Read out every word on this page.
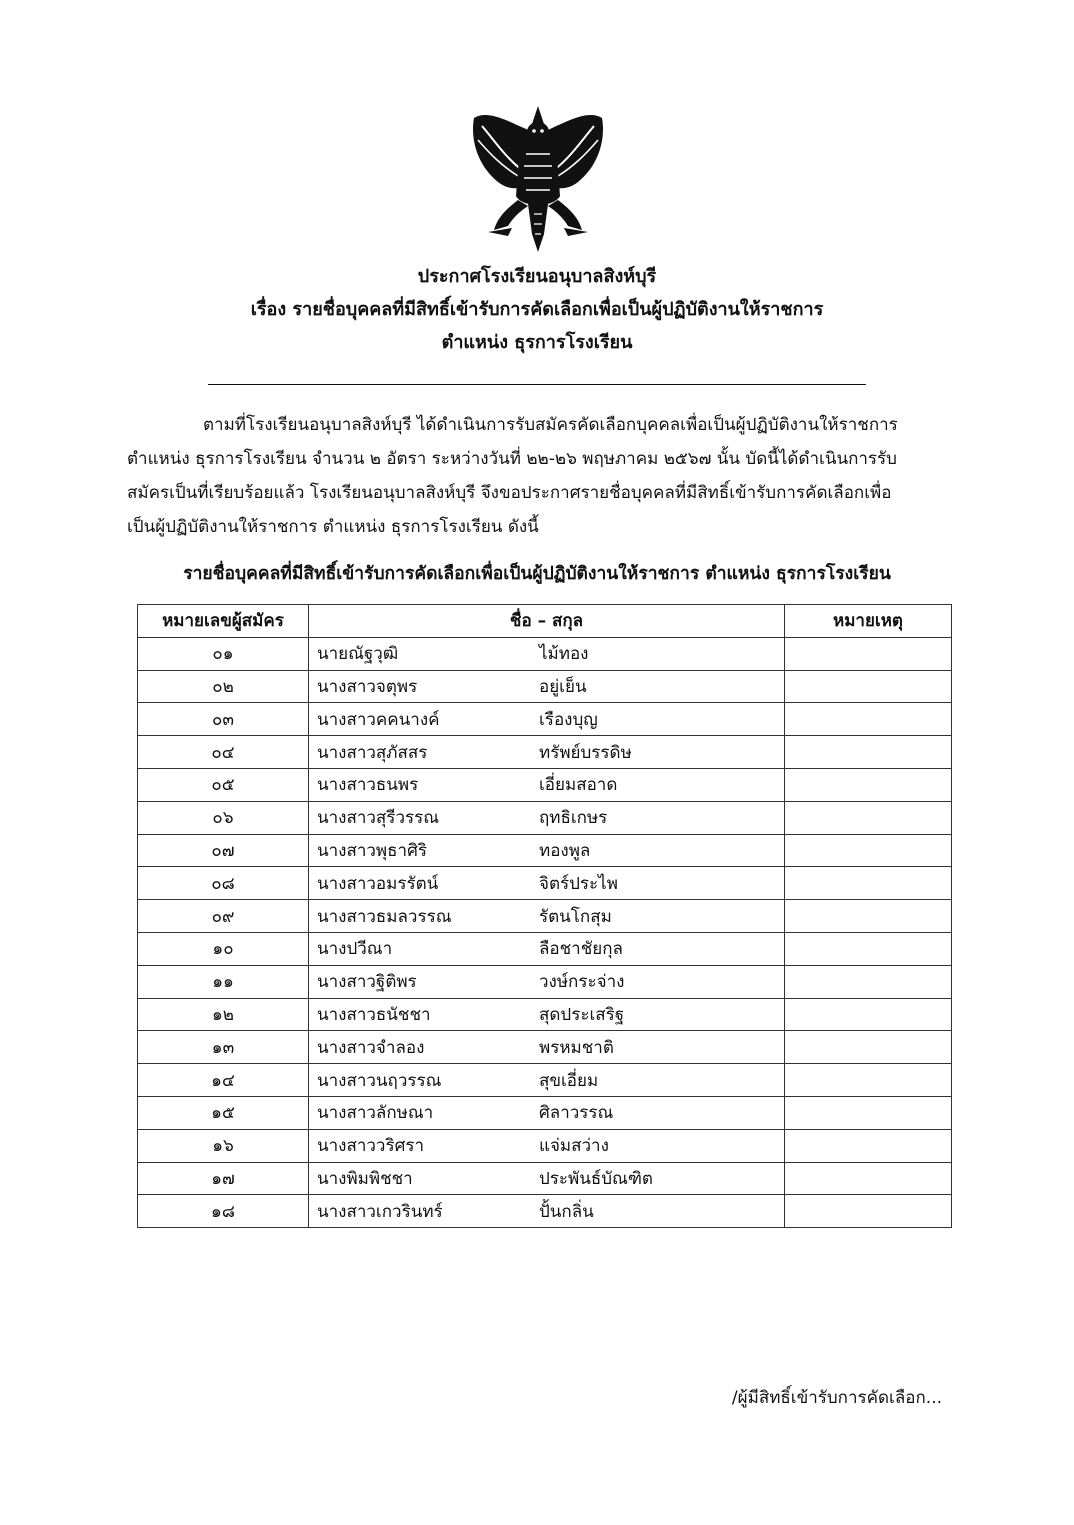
ประกาศโรงเรียนอนุบาลสิงห์บุรี
เรื่อง รายชื่อบุคคลที่มีสิทธิ์เข้ารับการคัดเลือกเพื่อเป็นผู้ปฏิบัติงานให้ราชการ
ตำแหน่ง ธุรการโรงเรียน
ตามที่โรงเรียนอนุบาลสิงห์บุรี ได้ดำเนินการรับสมัครคัดเลือกบุคคลเพื่อเป็นผู้ปฏิบัติงานให้ราชการ
ตำแหน่ง ธุรการโรงเรียน จำนวน ๒ อัตรา ระหว่างวันที่ ๒๒-๒๖ พฤษภาคม ๒๕๖๗ นั้น บัดนี้ได้ดำเนินการรับ
สมัครเป็นที่เรียบร้อยแล้ว โรงเรียนอนุบาลสิงห์บุรี จึงขอประกาศรายชื่อบุคคลที่มีสิทธิ์เข้ารับการคัดเลือกเพื่อ
เป็นผู้ปฏิบัติงานให้ราชการ ตำแหน่ง ธุรการโรงเรียน ดังนี้
รายชื่อบุคคลที่มีสิทธิ์เข้ารับการคัดเลือกเพื่อเป็นผู้ปฏิบัติงานให้ราชการ ตำแหน่ง ธุรการโรงเรียน
หมายเลขผู้สมัคร	ชื่อ – สกุล	หมายเหตุ
๐๑	นายณัฐวุฒิ ไม้ทอง	
๐๒	นางสาวจตุพร อยู่เย็น	
๐๓	นางสาวคคนางค์ เรืองบุญ	
๐๔	นางสาวสุภัสสร ทรัพย์บรรดิษ	
๐๕	นางสาวธนพร เอี่ยมสอาด	
๐๖	นางสาวสุรีวรรณ ฤทธิเกษร	
๐๗	นางสาวพุธาศิริ ทองพูล	
๐๘	นางสาวอมรรัตน์ จิตร์ประไพ	
๐๙	นางสาวธมลวรรณ รัตนโกสุม	
๑๐	นางปวีณา ลือชาชัยกุล	
๑๑	นางสาวฐิติพร วงษ์กระจ่าง	
๑๒	นางสาวธนัชชา สุดประเสริฐ	
๑๓	นางสาวจำลอง พรหมชาติ	
๑๔	นางสาวนฤวรรณ สุขเอี่ยม	
๑๕	นางสาวลักษณา ศิลาวรรณ	
๑๖	นางสาววริศรา แจ่มสว่าง	
๑๗	นางพิมพิชชา ประพันธ์บัณฑิต	
๑๘	นางสาวเกวรินทร์ ปั้นกลิ่น	
/ผู้มีสิทธิ์เข้ารับการคัดเลือก...
